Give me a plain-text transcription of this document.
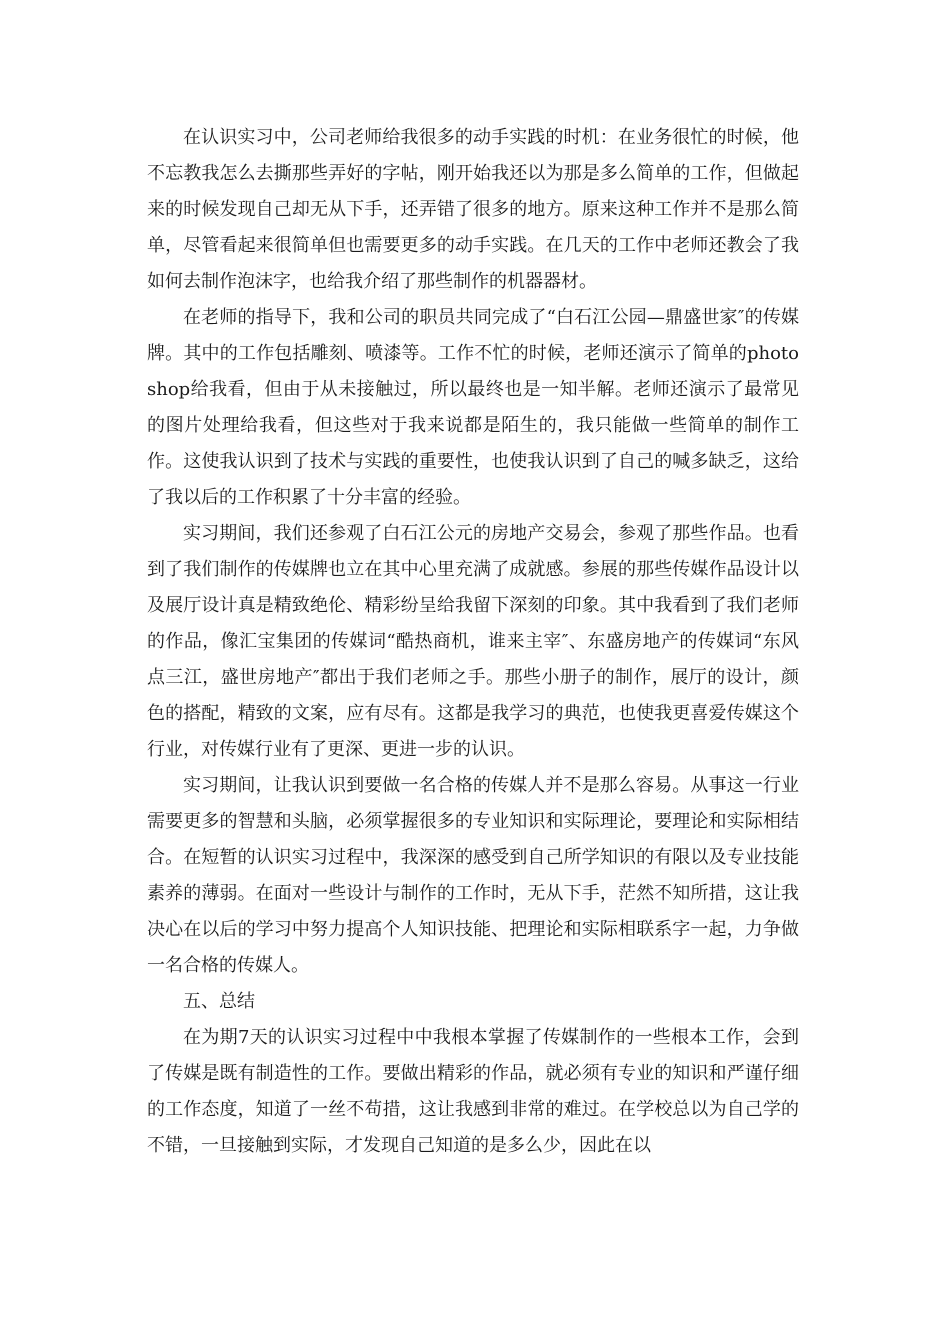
在认识实习中，公司老师给我很多的动手实践的时机：在业务很忙的时候，他不忘教我怎么去撕那些弄好的字帖，刚开始我还以为那是多么简单的工作，但做起来的时候发现自己却无从下手，还弄错了很多的地方。原来这种工作并不是那么简单，尽管看起来很简单但也需要更多的动手实践。在几天的工作中老师还教会了我如何去制作泡沫字，也给我介绍了那些制作的机器器材。

在老师的指导下，我和公司的职员共同完成了“白石江公园—鼎盛世家″的传媒牌。其中的工作包括雕刻、喷漆等。工作不忙的时候，老师还演示了简单的photoshop给我看，但由于从未接触过，所以最终也是一知半解。老师还演示了最常见的图片处理给我看，但这些对于我来说都是陌生的，我只能做一些简单的制作工作。这使我认识到了技术与实践的重要性，也使我认识到了自己的喊多缺乏，这给了我以后的工作积累了十分丰富的经验。

实习期间，我们还参观了白石江公元的房地产交易会，参观了那些作品。也看到了我们制作的传媒牌也立在其中心里充满了成就感。参展的那些传媒作品设计以及展厅设计真是精致绝伦、精彩纷呈给我留下深刻的印象。其中我看到了我们老师的作品，像汇宝集团的传媒词“酷热商机，谁来主宰″、东盛房地产的传媒词“东风点三江，盛世房地产″都出于我们老师之手。那些小册子的制作，展厅的设计，颜色的搭配，精致的文案，应有尽有。这都是我学习的典范，也使我更喜爱传媒这个行业，对传媒行业有了更深、更进一步的认识。

实习期间，让我认识到要做一名合格的传媒人并不是那么容易。从事这一行业需要更多的智慧和头脑，必须掌握很多的专业知识和实际理论，要理论和实际相结合。在短暂的认识实习过程中，我深深的感受到自己所学知识的有限以及专业技能素养的薄弱。在面对一些设计与制作的工作时，无从下手，茫然不知所措，这让我决心在以后的学习中努力提高个人知识技能、把理论和实际相联系字一起，力争做一名合格的传媒人。

五、总结

在为期7天的认识实习过程中中我根本掌握了传媒制作的一些根本工作，会到了传媒是既有制造性的工作。要做出精彩的作品，就必须有专业的知识和严谨仔细的工作态度，知道了一丝不苟措，这让我感到非常的难过。在学校总以为自己学的不错，一旦接触到实际，才发现自己知道的是多么少，因此在以
